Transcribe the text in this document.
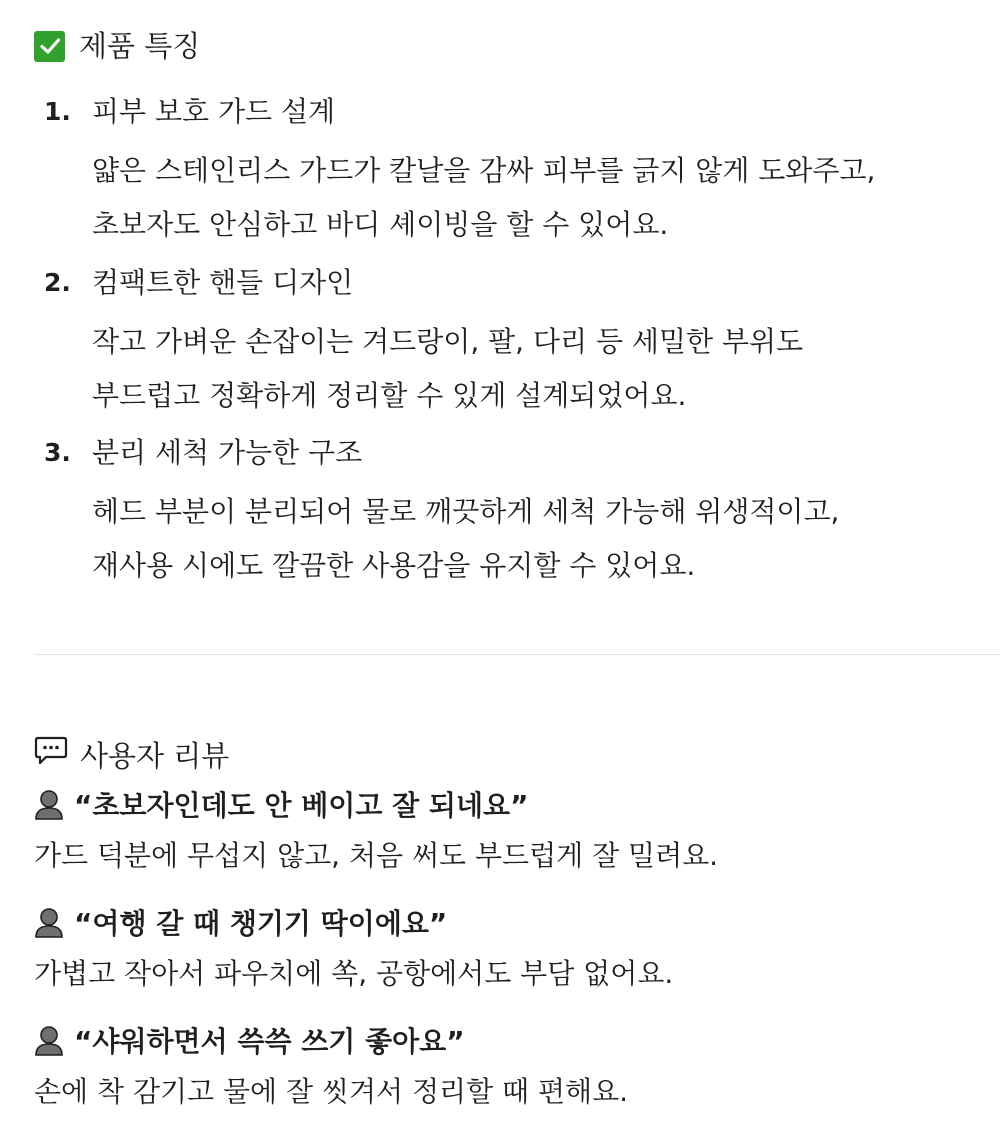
제품 특징
1. 피부 보호 가드 설계
얇은 스테인리스 가드가 칼날을 감싸 피부를 긁지 않게 도와주고,
초보자도 안심하고 바디 셰이빙을 할 수 있어요.
2. 컴팩트한 핸들 디자인
작고 가벼운 손잡이는 겨드랑이, 팔, 다리 등 세밀한 부위도
부드럽고 정확하게 정리할 수 있게 설계되었어요.
3. 분리 세척 가능한 구조
헤드 부분이 분리되어 물로 깨끗하게 세척 가능해 위생적이고,
재사용 시에도 깔끔한 사용감을 유지할 수 있어요.
사용자 리뷰
“초보자인데도 안 베이고 잘 되네요”
가드 덕분에 무섭지 않고, 처음 써도 부드럽게 잘 밀려요.
“여행 갈 때 챙기기 딱이에요”
가볍고 작아서 파우치에 쏙, 공항에서도 부담 없어요.
“샤워하면서 쓱쓱 쓰기 좋아요”
손에 착 감기고 물에 잘 씻겨서 정리할 때 편해요.
